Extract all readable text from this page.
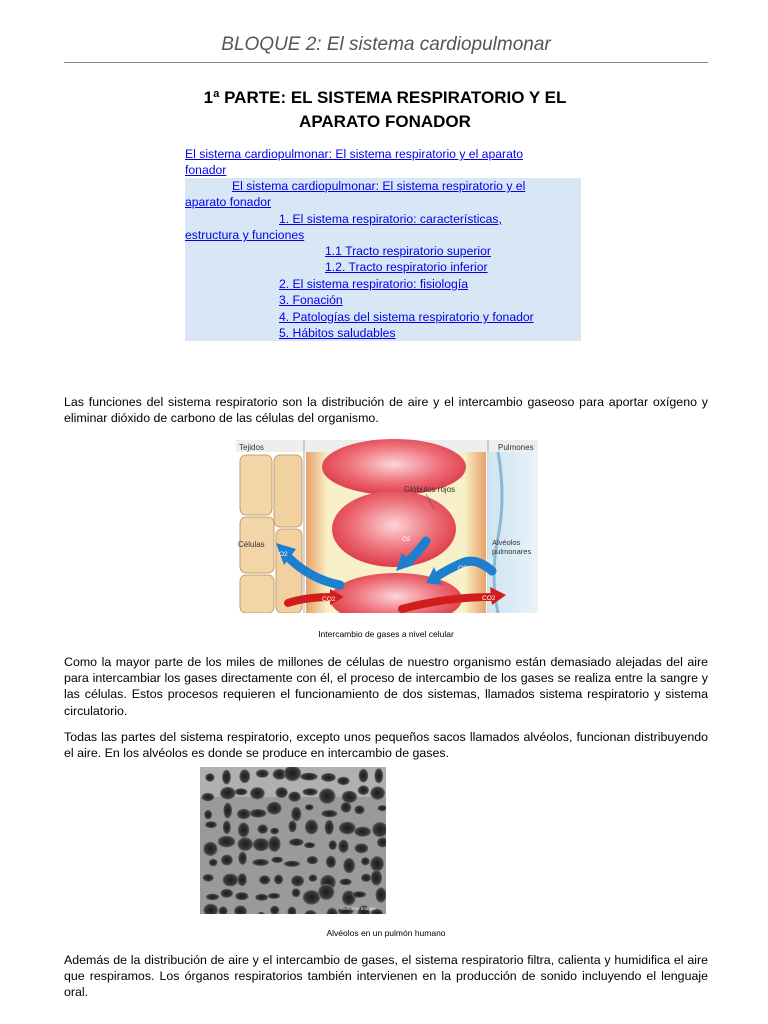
BLOQUE 2: El sistema cardiopulmonar
1ª PARTE: EL SISTEMA RESPIRATORIO Y EL
APARATO FONADOR
El sistema cardiopulmonar: El sistema respiratorio y el aparato
fonador
El sistema cardiopulmonar: El sistema respiratorio y el
aparato fonador
1. El sistema respiratorio: características,
estructura y funciones
1.1 Tracto respiratorio superior
1.2. Tracto respiratorio inferior
2. El sistema respiratorio: fisiología
3. Fonación
4. Patologías del sistema respiratorio y fonador
5. Hábitos saludables
Las funciones del sistema respiratorio son la distribución de aire y el intercambio gaseoso para aportar oxígeno y eliminar dióxido de carbono de las células del organismo.
Tejidos	Pulmones
Células
Glóbulos rojos
Alvéolos
pulmonares
O2
O2
O2
CO2	CO2
Intercambio de gases a nivel celular
Como la mayor parte de los miles de millones de células de nuestro organismo están demasiado alejadas del aire para intercambiar los gases directamente con él, el proceso de intercambio de los gases se realiza entre la sangre y las células. Estos procesos requieren el funcionamiento de dos sistemas, llamados sistema respiratorio y sistema circulatorio.
Todas las partes del sistema respiratorio, excepto unos pequeños sacos llamados alvéolos, funcionan distribuyendo el aire. En los alvéolos es donde se produce en intercambio de gases.
Wellcome Images
Alvéolos en un pulmón humano
Además de la distribución de aire y el intercambio de gases, el sistema respiratorio filtra, calienta y humidifica el aire que respiramos. Los órganos respiratorios también intervienen en la producción de sonido incluyendo el lenguaje oral.
